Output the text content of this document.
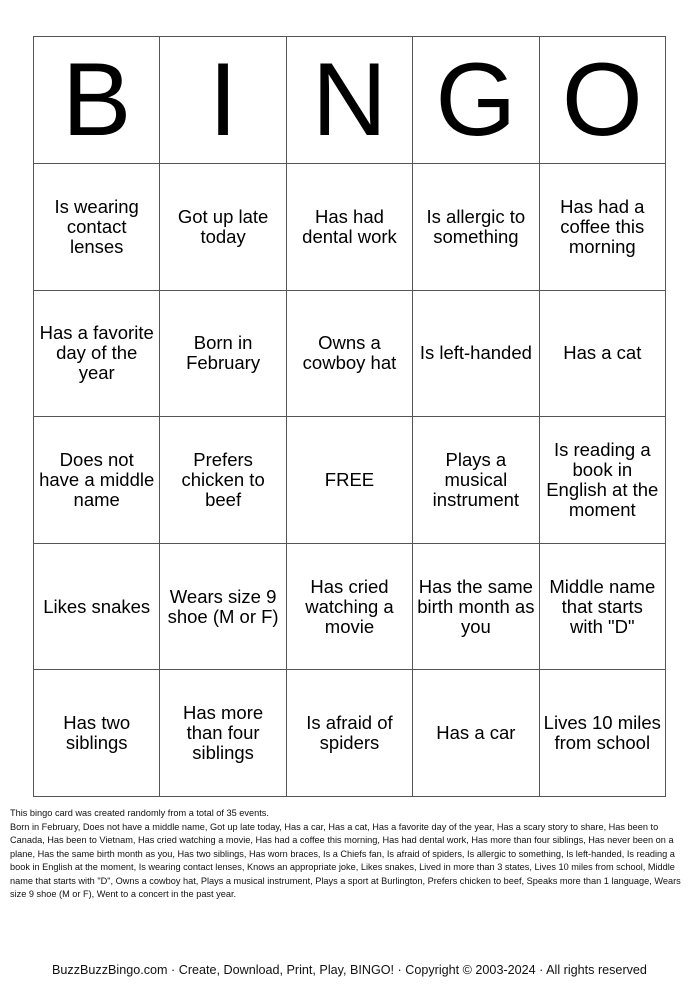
B	I	N	G	O
Is wearing contact lenses	Got up late today	Has had dental work	Is allergic to something	Has had a coffee this morning
Has a favorite day of the year	Born in February	Owns a cowboy hat	Is left-handed	Has a cat
Does not have a middle name	Prefers chicken to beef	FREE	Plays a musical instrument	Is reading a book in English at the moment
Likes snakes	Wears size 9 shoe (M or F)	Has cried watching a movie	Has the same birth month as you	Middle name that starts with "D"
Has two siblings	Has more than four siblings	Is afraid of spiders	Has a car	Lives 10 miles from school

This bingo card was created randomly from a total of 35 events.

Born in February, Does not have a middle name, Got up late today, Has a car, Has a cat, Has a favorite day of the year, Has a scary story to share, Has been to Canada, Has been to Vietnam, Has cried watching a movie, Has had a coffee this morning, Has had dental work, Has more than four siblings, Has never been on a plane, Has the same birth month as you, Has two siblings, Has worn braces, Is a Chiefs fan, Is afraid of spiders, Is allergic to something, Is left-handed, Is reading a book in English at the moment, Is wearing contact lenses, Knows an appropriate joke, Likes snakes, Lived in more than 3 states, Lives 10 miles from school, Middle name that starts with "D", Owns a cowboy hat, Plays a musical instrument, Plays a sport at Burlington, Prefers chicken to beef, Speaks more than 1 language, Wears size 9 shoe (M or F), Went to a concert in the past year.

BuzzBuzzBingo.com · Create, Download, Print, Play, BINGO! · Copyright © 2003-2024 · All rights reserved
